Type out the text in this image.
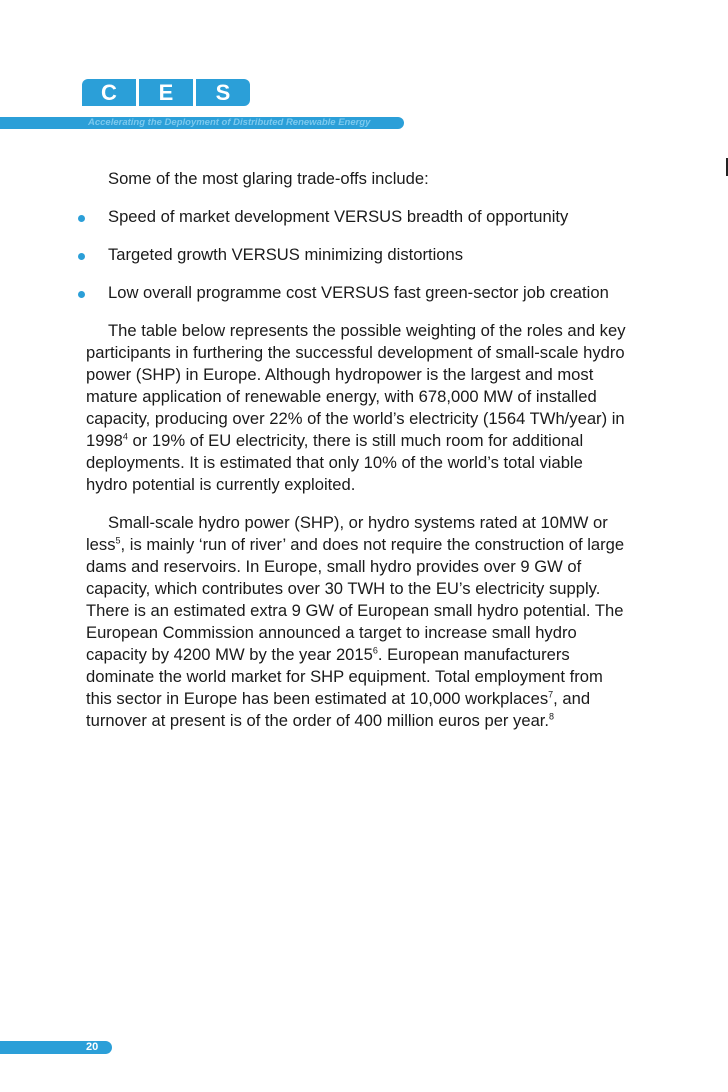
C	E	S
Accelerating the Deployment of Distributed Renewable Energy

Some of the most glaring trade-offs include:

Speed of market development VERSUS breadth of opportunity
Targeted growth VERSUS minimizing distortions
Low overall programme cost VERSUS fast green-sector job creation

The table below represents the possible weighting of the roles and key participants in furthering the successful development of small-scale hydro power (SHP) in Europe. Although hydropower is the largest and most mature application of renewable energy, with 678,000 MW of installed capacity, producing over 22% of the world’s electricity (1564 TWh/year) in 1998$^4$ or 19% of EU electricity, there is still much room for additional deployments. It is estimated that only 10% of the world’s total viable hydro potential is currently exploited.

Small-scale hydro power (SHP), or hydro systems rated at 10MW or less$^5$, is mainly ‘run of river’ and does not require the construction of large dams and reservoirs. In Europe, small hydro provides over 9 GW of capacity, which contributes over 30 TWH to the EU’s electricity supply. There is an estimated extra 9 GW of European small hydro potential. The European Commission announced a target to increase small hydro capacity by 4200 MW by the year 2015$^6$. European manufacturers dominate the world market for SHP equipment. Total employment from this sector in Europe has been estimated at 10,000 workplaces$^7$, and turnover at present is of the order of 400 million euros per year.$^8$

20
